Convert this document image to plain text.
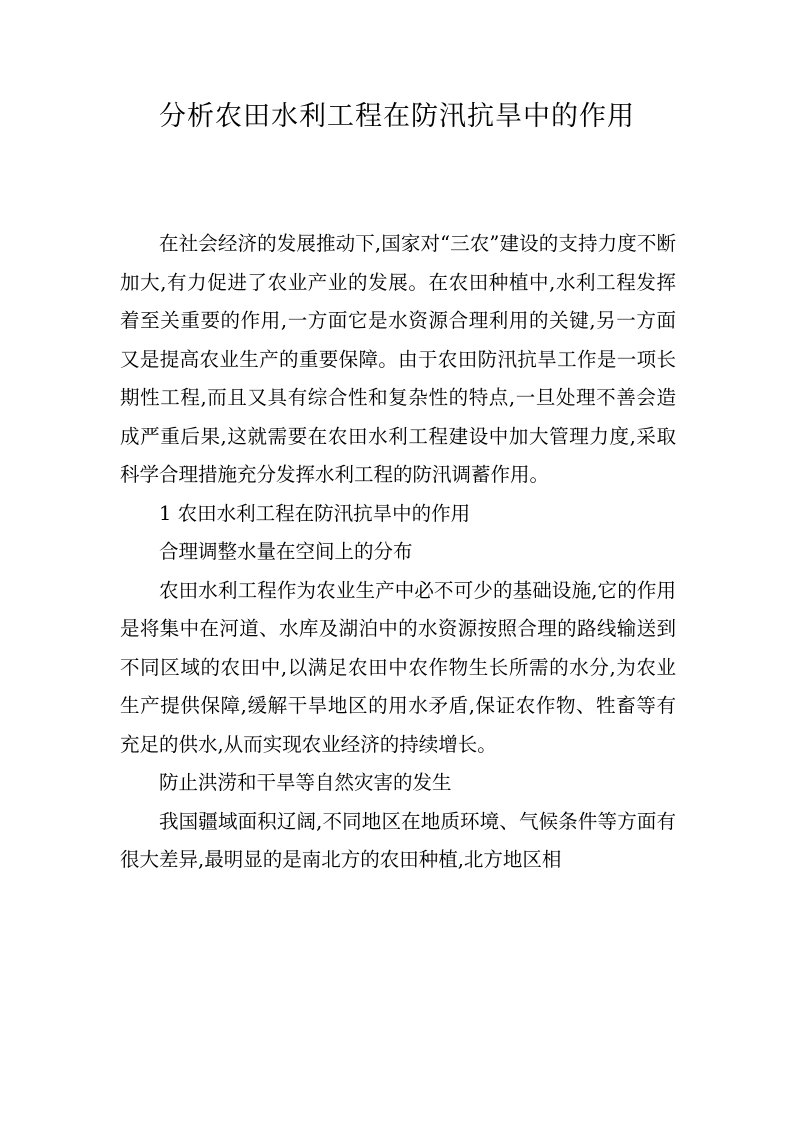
分析农田水利工程在防汛抗旱中的作用

在社会经济的发展推动下,国家对“三农”建设的支持力度不断加大,有力促进了农业产业的发展。在农田种植中,水利工程发挥着至关重要的作用,一方面它是水资源合理利用的关键,另一方面又是提高农业生产的重要保障。由于农田防汛抗旱工作是一项长期性工程,而且又具有综合性和复杂性的特点,一旦处理不善会造成严重后果,这就需要在农田水利工程建设中加大管理力度,采取科学合理措施充分发挥水利工程的防汛调蓄作用。

1 农田水利工程在防汛抗旱中的作用

合理调整水量在空间上的分布

农田水利工程作为农业生产中必不可少的基础设施,它的作用是将集中在河道、水库及湖泊中的水资源按照合理的路线输送到不同区域的农田中,以满足农田中农作物生长所需的水分,为农业生产提供保障,缓解干旱地区的用水矛盾,保证农作物、牲畜等有充足的供水,从而实现农业经济的持续增长。

防止洪涝和干旱等自然灾害的发生

我国疆域面积辽阔,不同地区在地质环境、气候条件等方面有很大差异,最明显的是南北方的农田种植,北方地区相
